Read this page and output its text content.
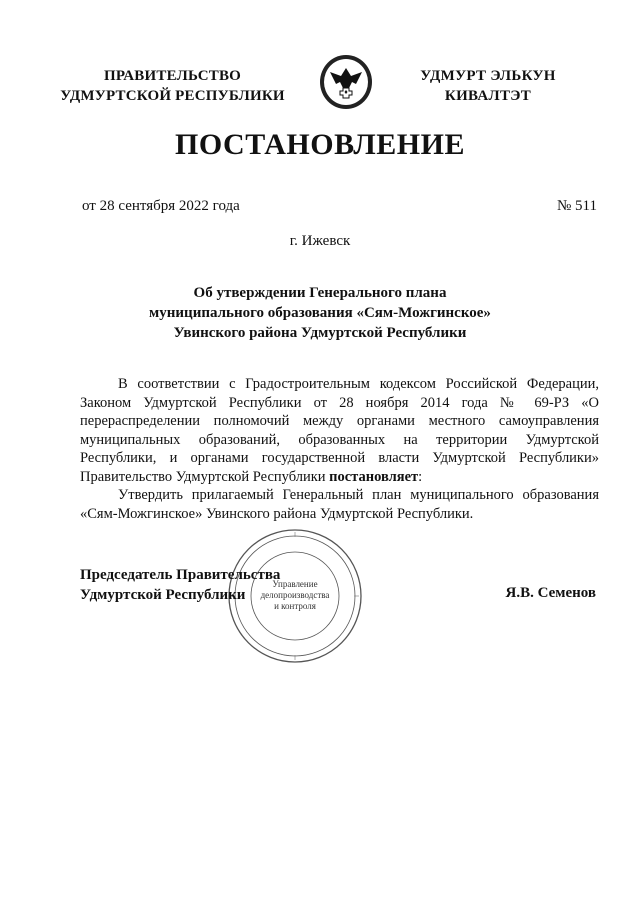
ПРАВИТЕЛЬСТВО
УДМУРТСКОЙ РЕСПУБЛИКИ
УДМУРТ ЭЛЬКУН
КИВАЛТЭТ
ПОСТАНОВЛЕНИЕ
от 28 сентября 2022 года	№ 511
г. Ижевск
Об утверждении Генерального плана
муниципального образования «Сям-Можгинское»
Увинского района Удмуртской Республики

В соответствии с Градостроительным кодексом Российской Федерации, Законом Удмуртской Республики от 28 ноября 2014 года № 69-РЗ «О перераспределении полномочий между органами местного самоуправления муниципальных образований, образованных на территории Удмуртской Республики, и органами государственной власти Удмуртской Республики» Правительство Удмуртской Республики постановляет:

Утвердить прилагаемый Генеральный план муниципального образования «Сям-Можгинское» Увинского района Удмуртской Республики.

Управление
делопроизводства
и контроля
Председатель Правительства
Удмуртской Республики	Я.В. Семенов
